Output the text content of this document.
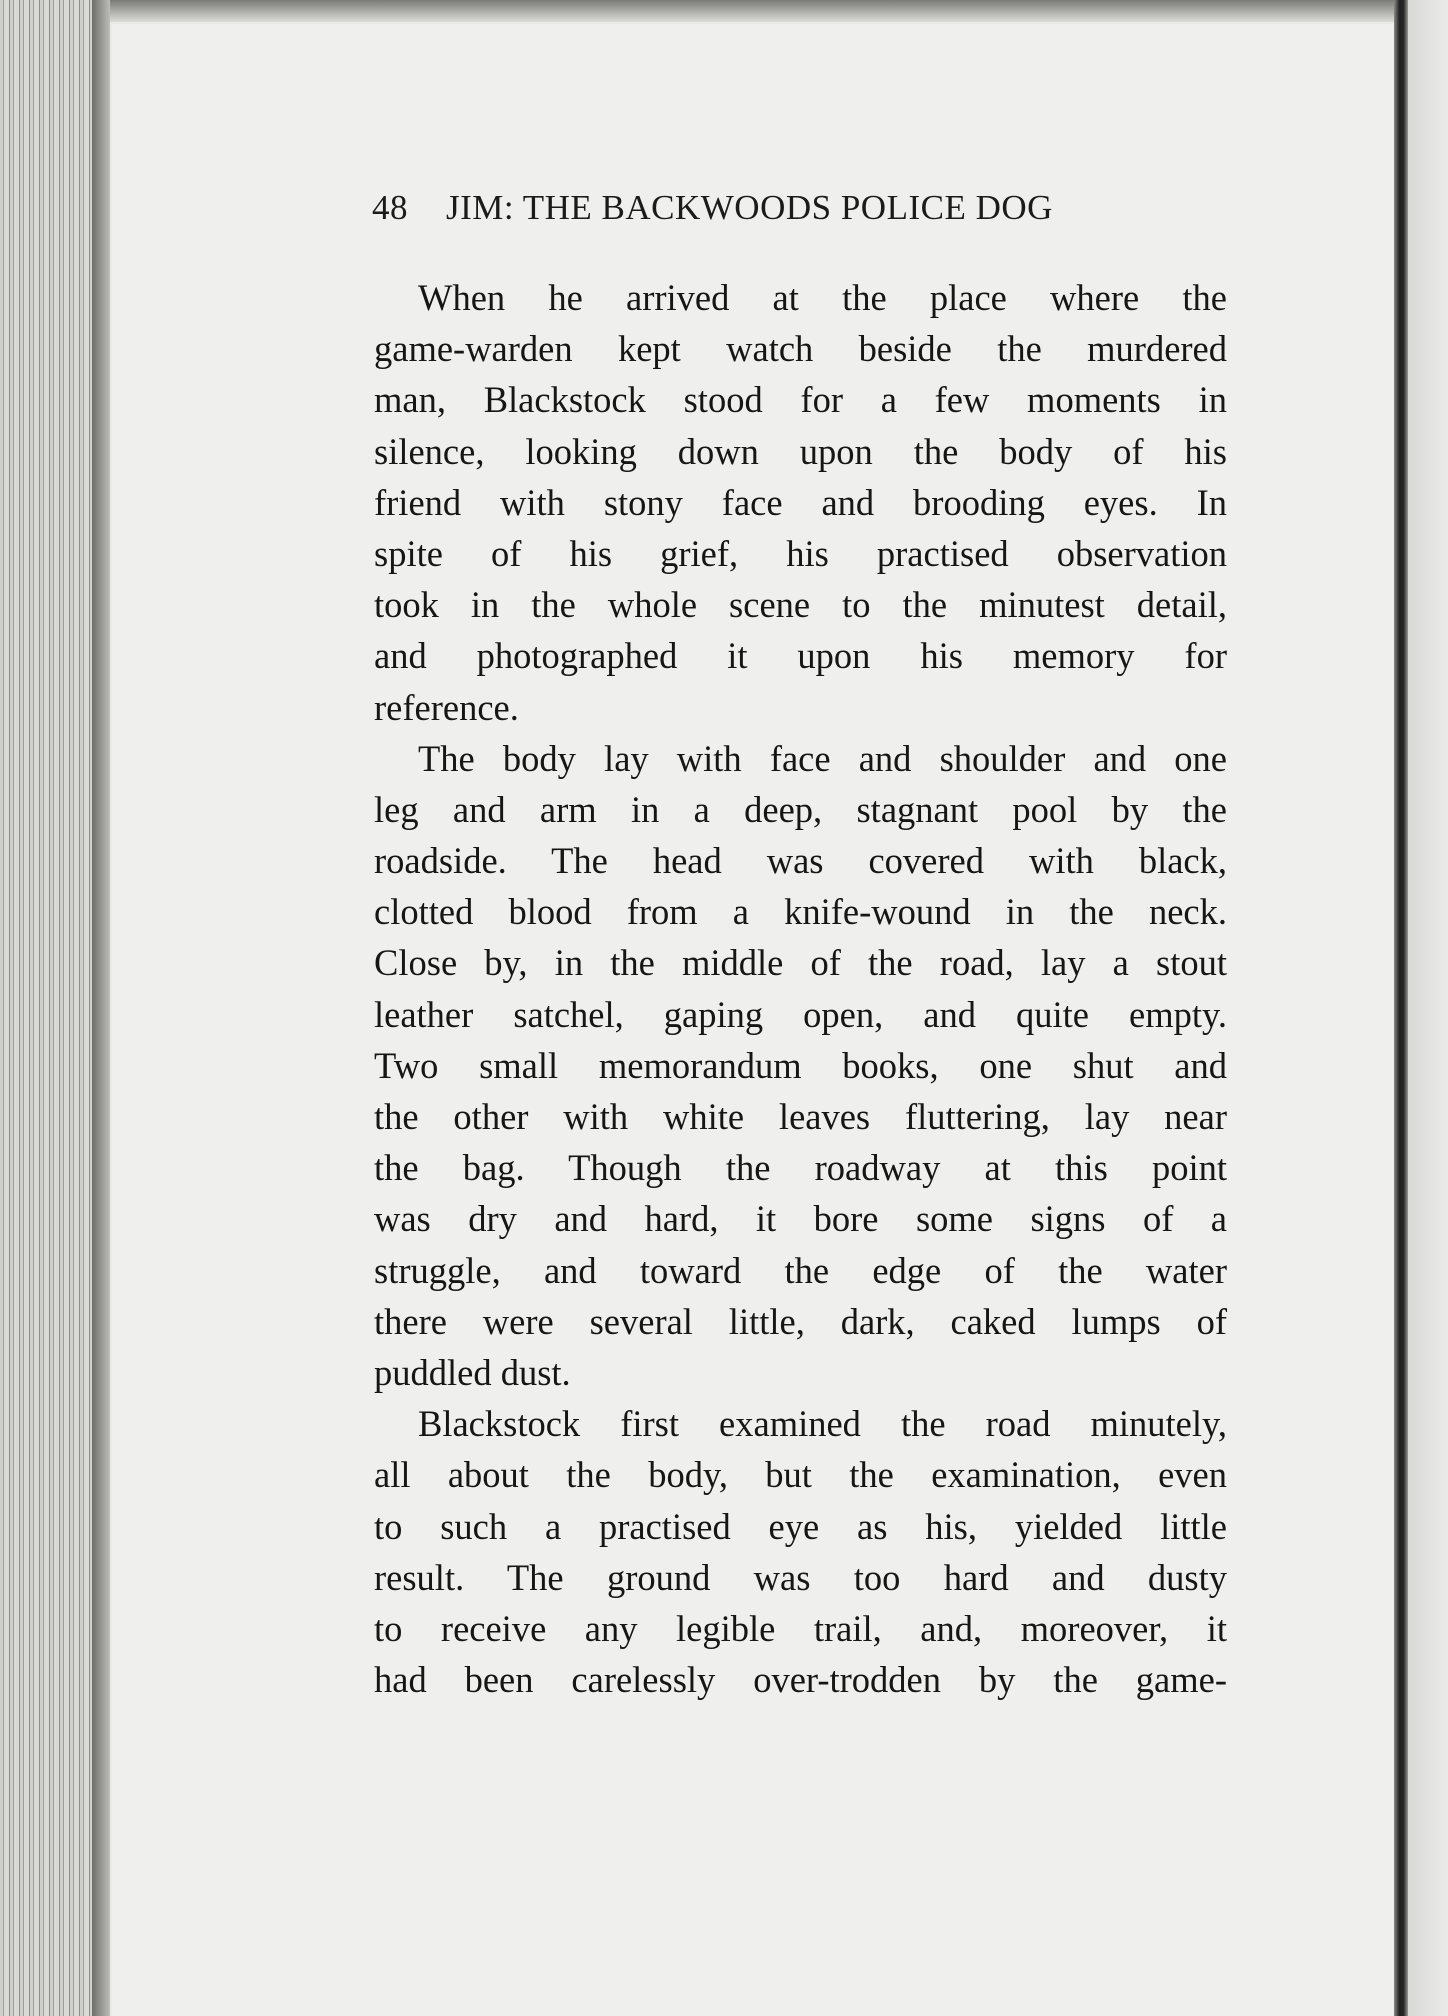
48 JIM: THE BACKWOODS POLICE DOG
When he arrived at the place where the
game-warden kept watch beside the murdered
man, Blackstock stood for a few moments in
silence, looking down upon the body of his
friend with stony face and brooding eyes. In
spite of his grief, his practised observation
took in the whole scene to the minutest detail,
and photographed it upon his memory for
reference.
The body lay with face and shoulder and one
leg and arm in a deep, stagnant pool by the
roadside. The head was covered with black,
clotted blood from a knife-wound in the neck.
Close by, in the middle of the road, lay a stout
leather satchel, gaping open, and quite empty.
Two small memorandum books, one shut and
the other with white leaves fluttering, lay near
the bag. Though the roadway at this point
was dry and hard, it bore some signs of a
struggle, and toward the edge of the water
there were several little, dark, caked lumps of
puddled dust.
Blackstock first examined the road minutely,
all about the body, but the examination, even
to such a practised eye as his, yielded little
result. The ground was too hard and dusty
to receive any legible trail, and, moreover, it
had been carelessly over-trodden by the game-
